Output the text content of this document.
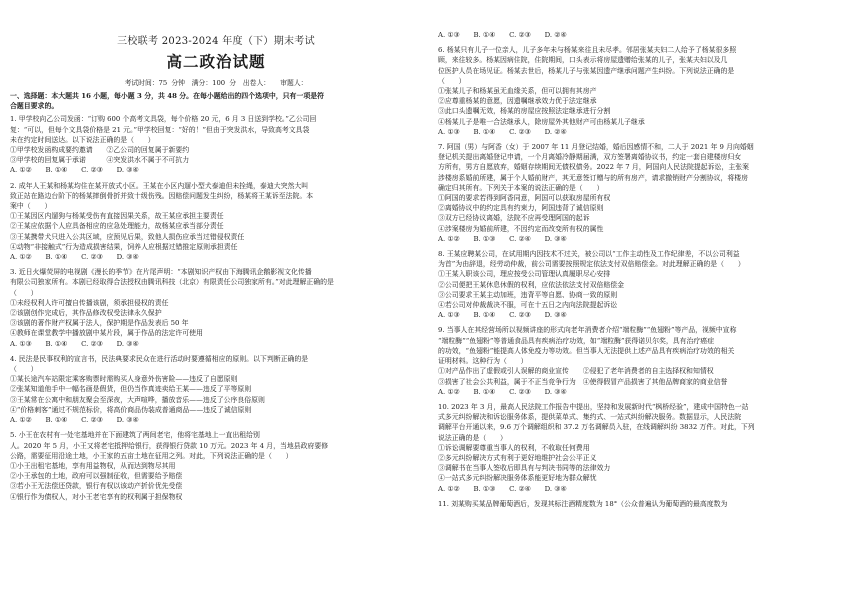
三校联考 2023-2024 年度（下）期末考试
高二政治试题
考试时间：75 分钟　满分：100 分　出卷人：　　审题人：
一、选择题：本大题共 16 小题，每小题 3 分，共 48 分。在每小题给出的四个选项中，只有一项是符
合题目要求的。
1. 甲学校向乙公司发函：“订购 600 个高考文具袋，每个价格 20 元，6 月 3 日送到学校。”乙公司回
复：“可以，但每个文具袋价格是 21 元。”甲学校回复：“好的！”但由于突发洪水，导致高考文具袋
未在约定时间送达。以下说法正确的是（　　）
①甲学校发函构成要约邀请　　②乙公司的回复属于新要约
③甲学校的回复属于承诺　　　④突发洪水不属于不可抗力
A. ①②　　B. ①④　　C. ②③　　D. ③④
2. 成年人王某和杨某均住在某开放式小区。王某在小区内遛小型犬泰迪但未拴绳，泰迪大突然大叫
致正站在路边台阶下的杨某摔倒骨折并致十级伤残。因赔偿问题发生纠纷，杨某将王某诉至法院。本
案中（　　）
①王某因区内遛狗与杨某受伤有直接因果关系，故王某应承担主要责任
②王某应依据个人应具备相应的应急处理能力，故杨某应承当部分责任
③王某携带犬只进入公共区域，应预见后果，致他人损伤应承当过错侵权责任
④动物“非接触式”行为造成损害结果，饲养人应根据过错推定原则承担责任
A. ①②　　B. ①④　　C. ②③　　D. ③④
3. 近日火爆荧屏的电视剧《漫长的季节》在片尾声明：“本剧知识产权由下海腾讯企鹅影视文化传播
有限公司独家所有。本剧已经取得合法授权由腾讯科技（北京）有限责任公司独家所有。”对此理解正确的是
（　　）
①未经权利人许可擅自传播该剧，须承担侵权的责任
②该剧创作完成后，其作品修改权受法律永久保护
③该剧的著作财产权属于法人，保护期是作品发表后 50 年
④教师在课堂教学中播放剧中某片段，属于作品的法定许可使用
A. ①③　　B. ①④　　C. ②③　　D. ③④
4. 民法是民事权利的宣言书，民法典要求民众在进行活动时要遵循相应的原则。以下判断正确的是
（　　）
①某长途汽车站限定乘客购票时需购买人身意外伤害险——违反了自愿原则
②张某知道他手中一幅名画是假货，但仍当作真迹卖给王某——违反了平等原则
③王某常在公寓中和朋友聚会至深夜，大声喧哗，播放音乐——违反了公序良俗原则
④“价格刺客”通过不规范标价，将高价商品伪装成普通商品——违反了诚信原则
A. ①②　　B. ①④　　C. ②③　　D. ③④
5. 小王在农村有一处宅基地并在下面建筑了两间老宅，他将宅基地上一直出租给别
人。2020 年 5 月，小王又将老宅抵押给银行，获得银行贷款 10 万元。2023 年 4 月，当地县政府要修
公路，需要征用沿途土地，小王家的五亩土地在征用之列。对此，下列说法正确的是（　　）
①小王出租宅基地，享有用益物权，从而达到物尽其用
②小王承包的土地，政府可以强制征收，但需要给予赔偿
③若小王无法偿还贷款，银行有权以该动产折价优先受偿
④银行作为债权人，对小王老宅享有的权利属于担保物权
A. ①③　　B. ①④　　C. ②③　　D. ②④
6. 杨某只有儿子一位亲人，儿子多年未与杨某来往且未尽孝。邻居张某夫妇二人给予了杨某很多照
顾，来往较多。杨某因病住院，住院期间，口头表示将房屋遗赠给张某的儿子，张某夫妇以及几
位医护人员在场见证。杨某去世后，杨某儿子与张某因遗产继承问题产生纠纷。下列说法正确的是
（　　）
①张某儿子和杨某虽无血缘关系，但可以拥有其房产
②应尊重杨某的意愿，因遗嘱继承效力优于法定继承
③此口头遗嘱无效，杨某的房屋应按照法定继承进行分割
④杨某儿子是唯一合法继承人，除房屋外其他财产可由杨某儿子继承
A. ①③　　B. ①④　　C. ②③　　D. ②④
7. 阿国（男）与阿香（女）于 2007 年 11 月登记结婚，婚后因感情不和，二人于 2021 年 9 月向婚姻
登记机关提出离婚登记申请，一个月离婚冷静期届满，双方签署离婚协议书，约定一套自建楼房归女
方所有，男方自愿放弃，婚姻存续期间无债权债务。2022 年 7 月，阿国向人民法院提起诉讼，主张案
涉楼房系婚前所建，属于个人婚前财产，其无意签订赠与的所有房产，请求撤销财产分割协议，将楼房
确定归其所有。下列关于本案的说法正确的是（　　）
①阿国的要求若得到阿香同意，阿国可以获取房屋所有权
②离婚协议中的约定具有约束力，阿国违背了诚信原则
③双方已经协议离婚，法院不应再受理阿国的起诉
④涉案楼房为婚前所建，不因约定而改变所有权的属性
A. ①②　　B. ①③　　C. ②④　　D. ③④
8. 王某应聘某公司，在试用期内因技术不过关，被公司以“工作主动性及工作纪律差，不以公司利益
为首”为由辞退，经劳动仲裁，前公司需要按照规定依法支付双倍赔偿金。对此理解正确的是（　　）
①王某入职该公司，理应按受公司管理认真履职尽心安排
②公司便把王某休息休假的权利，应依法依法支付双倍赔偿金
③公司要求王某主动加班，违背平等自愿、协商一致的原则
④若公司对仲裁裁决不服，可在十五日之内向法院提起诉讼
A. ①③　　B. ①④　　C. ②③　　D. ③④
9. 当事人在其经营场所以视频讲座的形式向老年消费者介绍“端粒酶”“鱼翅粉”等产品，视频中宣称
“端粒酶”“鱼翅粉”等普通食品具有疾病治疗功效，如“端粒酶”获得诺贝尔奖，具有治疗癌症
的功效，“鱼翅粉”能提高人体免疫力等功效。但当事人无法提供上述产品具有疾病治疗功效的相关
证明材料。这种行为（　　）
①对产品作出了虚假或引人误解的商业宣传　　②侵犯了老年消费者的自主选择权和知情权
③损害了社会公共利益，属于不正当竞争行为　④使得假冒产品损害了其他品牌商家的商业信誉
A. ①②　　B. ①④　　C. ②③　　D. ③④
10. 2023 年 3 月，最高人民法院工作报告中提出，坚持和发展新时代“枫桥经验”，建成中国特色一站
式多元纠纷解决和诉讼服务体系，提供菜单式、集约式、一站式纠纷解决服务。数据显示，人民法院
调解平台开通以来，9.6 万个调解组织和 37.2 万名调解员入驻，在线调解纠纷 3832 万件。对此，下列
说法正确的是（　　）
①诉讼调解要尊重当事人的权利，不收取任何费用
②多元纠纷解决方式有利于更好地维护社会公平正义
③调解书在当事人签收后即具有与判决书同等的法律效力
④一站式多元纠纷解决服务体系能更好地为群众解忧
A. ①②　　B. ①③　　C. ②④　　D. ③④
11. 刘某购买某品牌葡萄酒后，发现其标注酒精度数为 18°（公众普遍认为葡萄酒的最高度数为
